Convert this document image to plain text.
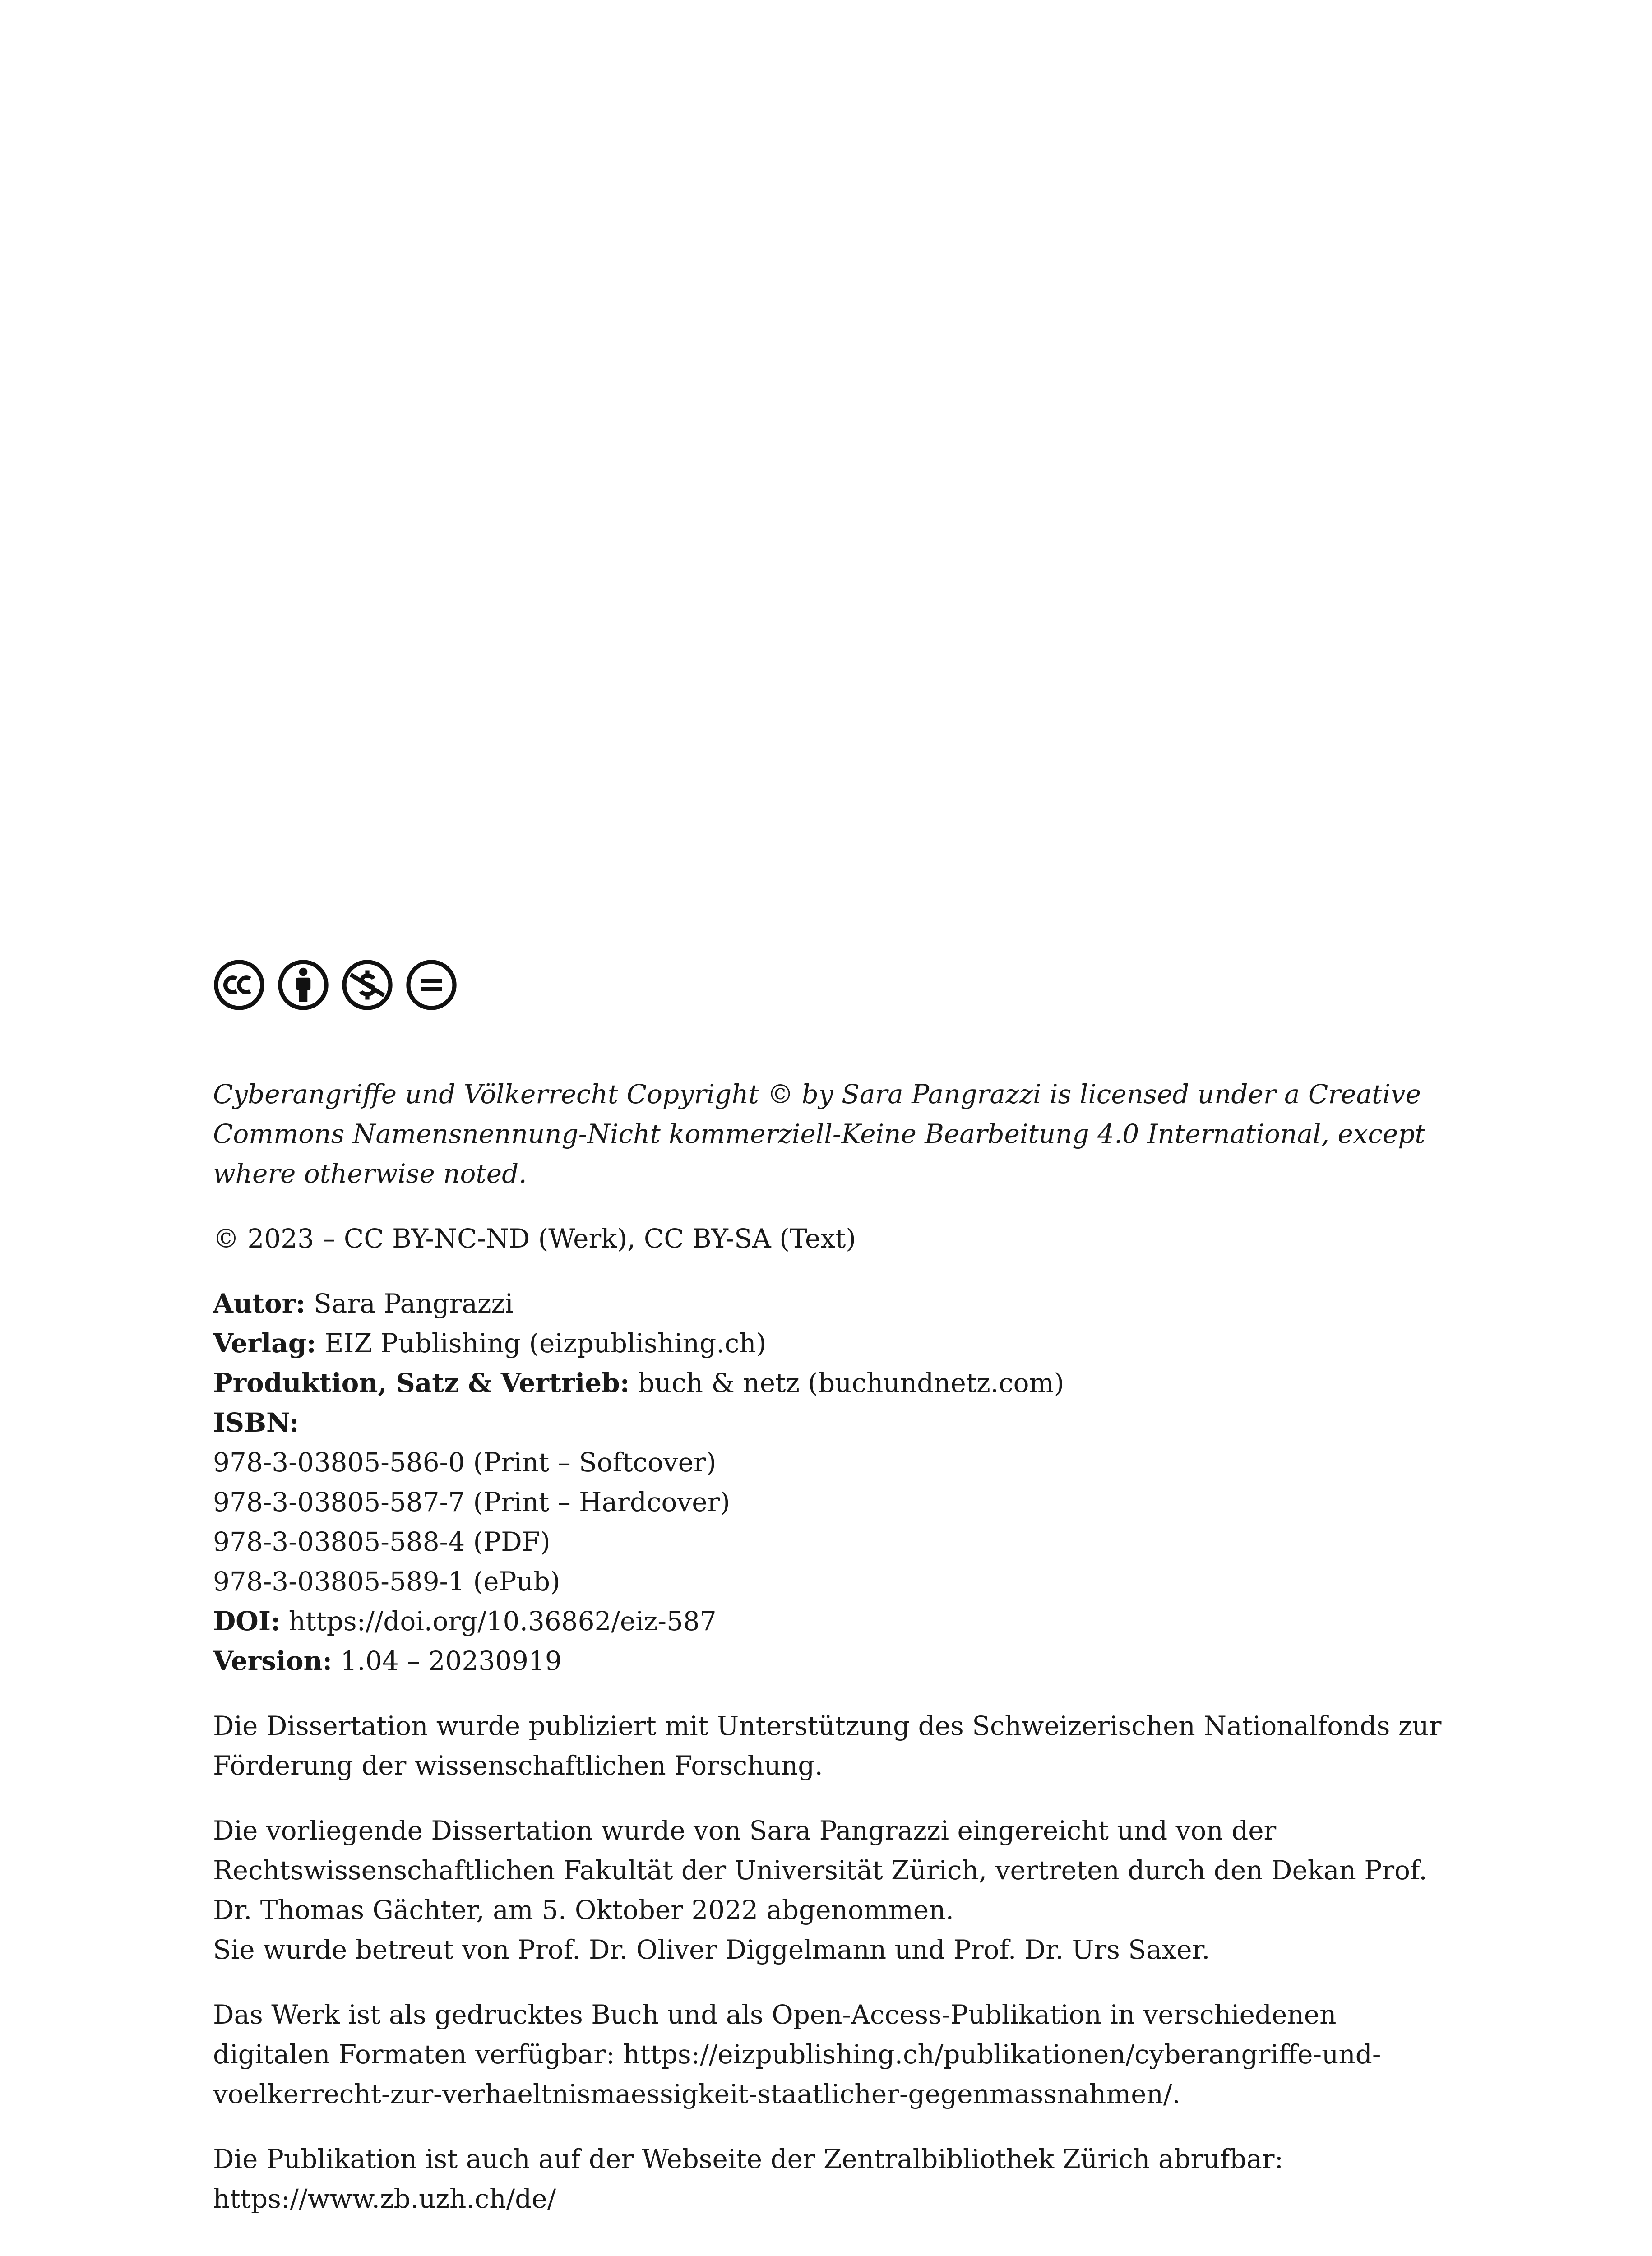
Cyberangriffe und Völkerrecht Copyright © by Sara Pangrazzi is licensed under a Creative Commons Namensnennung-Nicht kommerziell-Keine Bearbeitung 4.0 International, except where otherwise noted.

© 2023 – CC BY-NC-ND (Werk), CC BY-SA (Text)

Autor: Sara Pangrazzi
Verlag: EIZ Publishing (eizpublishing.ch)
Produktion, Satz & Vertrieb: buch & netz (buchundnetz.com)
ISBN:
978-3-03805-586-0 (Print – Softcover)
978-3-03805-587-7 (Print – Hardcover)
978-3-03805-588-4 (PDF)
978-3-03805-589-1 (ePub)
DOI: https://doi.org/10.36862/eiz-587
Version: 1.04 – 20230919

Die Dissertation wurde publiziert mit Unterstützung des Schweizerischen Nationalfonds zur Förderung der wissenschaftlichen Forschung.

Die vorliegende Dissertation wurde von Sara Pangrazzi eingereicht und von der Rechtswissenschaftlichen Fakultät der Universität Zürich, vertreten durch den Dekan Prof. Dr. Thomas Gächter, am 5. Oktober 2022 abgenommen.
Sie wurde betreut von Prof. Dr. Oliver Diggelmann und Prof. Dr. Urs Saxer.

Das Werk ist als gedrucktes Buch und als Open-Access-Publikation in verschiedenen digitalen Formaten verfügbar: https://eizpublishing.ch/publikationen/cyberangriffe-und-voelkerrecht-zur-verhaeltnismaessigkeit-staatlicher-gegenmassnahmen/.

Die Publikation ist auch auf der Webseite der Zentralbibliothek Zürich abrufbar:
https://www.zb.uzh.ch/de/
